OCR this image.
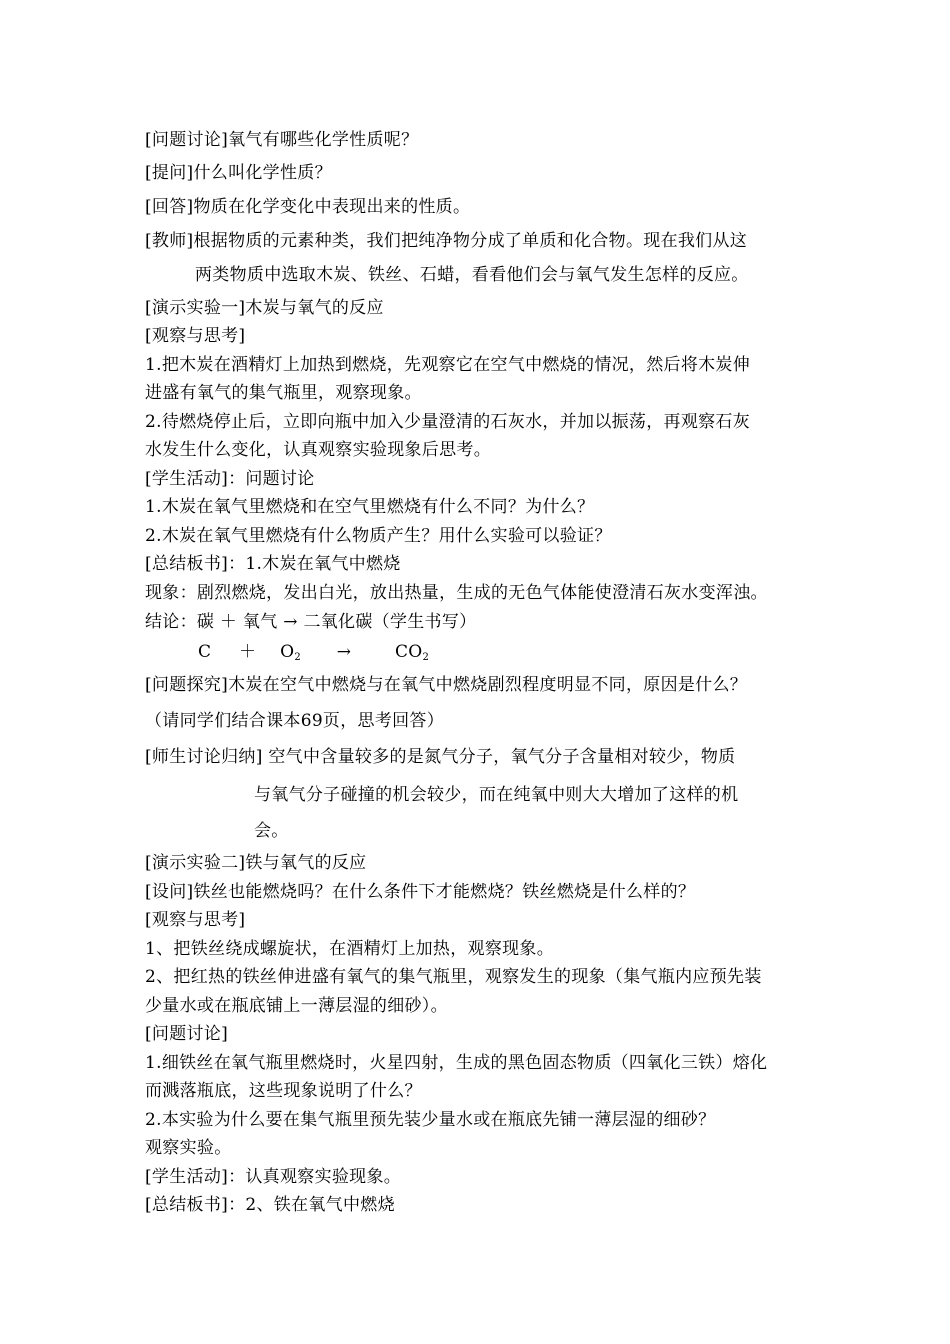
[问题讨论]氧气有哪些化学性质呢？
[提问]什么叫化学性质？
[回答]物质在化学变化中表现出来的性质。
[教师]根据物质的元素种类，我们把纯净物分成了单质和化合物。现在我们从这
两类物质中选取木炭、铁丝、石蜡，看看他们会与氧气发生怎样的反应。
[演示实验一]木炭与氧气的反应
[观察与思考]
1.把木炭在酒精灯上加热到燃烧，先观察它在空气中燃烧的情况，然后将木炭伸
进盛有氧气的集气瓶里，观察现象。
2.待燃烧停止后，立即向瓶中加入少量澄清的石灰水，并加以振荡，再观察石灰
水发生什么变化，认真观察实验现象后思考。
[学生活动]：问题讨论
1.木炭在氧气里燃烧和在空气里燃烧有什么不同？为什么？
2.木炭在氧气里燃烧有什么物质产生？用什么实验可以验证？
[总结板书]：1.木炭在氧气中燃烧
现象：剧烈燃烧，发出白光，放出热量，生成的无色气体能使澄清石灰水变浑浊。
结论：碳 ＋ 氧气 → 二氧化碳（学生书写）
$C + O_2$ →	$CO_2$
[问题探究]木炭在空气中燃烧与在氧气中燃烧剧烈程度明显不同，原因是什么？
（请同学们结合课本69页，思考回答）
[师生讨论归纳] 空气中含量较多的是氮气分子，氧气分子含量相对较少，物质
与氧气分子碰撞的机会较少，而在纯氧中则大大增加了这样的机
会。
[演示实验二]铁与氧气的反应
[设问]铁丝也能燃烧吗？在什么条件下才能燃烧？铁丝燃烧是什么样的？
[观察与思考]
1、把铁丝绕成螺旋状，在酒精灯上加热，观察现象。
2、把红热的铁丝伸进盛有氧气的集气瓶里，观察发生的现象（集气瓶内应预先装
少量水或在瓶底铺上一薄层湿的细砂）。
[问题讨论]
1.细铁丝在氧气瓶里燃烧时，火星四射，生成的黑色固态物质（四氧化三铁）熔化
而溅落瓶底，这些现象说明了什么？
2.本实验为什么要在集气瓶里预先装少量水或在瓶底先铺一薄层湿的细砂？
观察实验。
[学生活动]：认真观察实验现象。
[总结板书]：2、铁在氧气中燃烧
